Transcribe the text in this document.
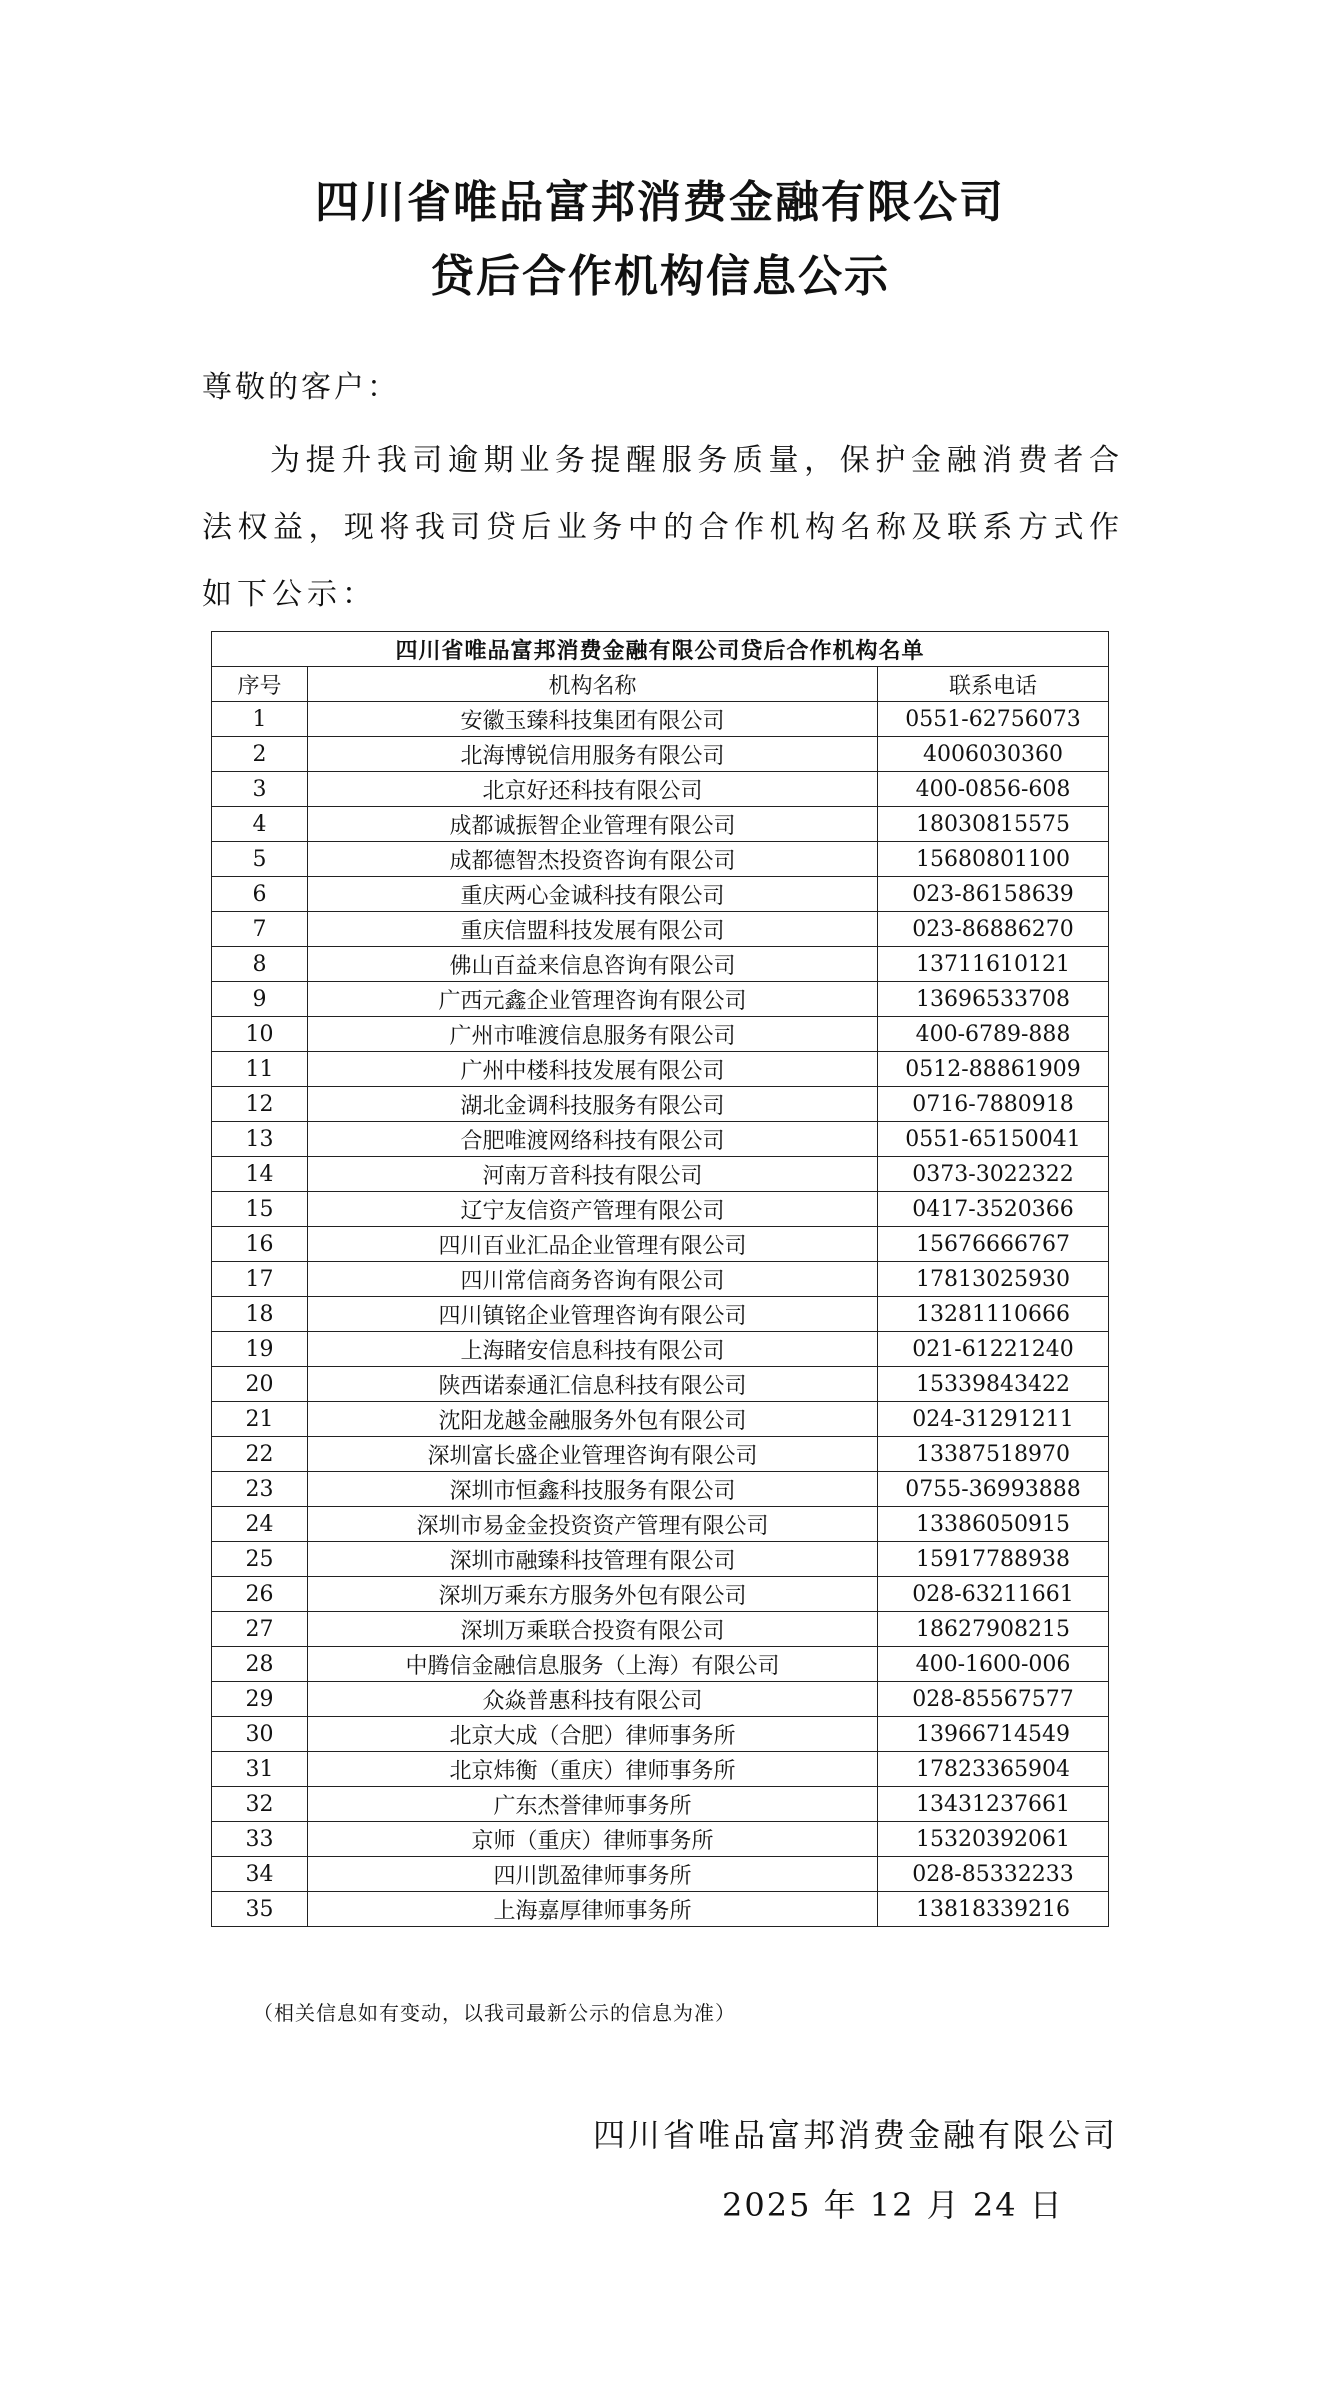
四川省唯品富邦消费金融有限公司
贷后合作机构信息公示
尊敬的客户：
为提升我司逾期业务提醒服务质量，保护金融消费者合法权益，现将我司贷后业务中的合作机构名称及联系方式作如下公示：
四川省唯品富邦消费金融有限公司贷后合作机构名单		
序号	机构名称	联系电话
1	安徽玉臻科技集团有限公司	0551-62756073
2	北海博锐信用服务有限公司	4006030360
3	北京好还科技有限公司	400-0856-608
4	成都诚振智企业管理有限公司	18030815575
5	成都德智杰投资咨询有限公司	15680801100
6	重庆两心金诚科技有限公司	023-86158639
7	重庆信盟科技发展有限公司	023-86886270
8	佛山百益来信息咨询有限公司	13711610121
9	广西元鑫企业管理咨询有限公司	13696533708
10	广州市唯渡信息服务有限公司	400-6789-888
11	广州中楼科技发展有限公司	0512-88861909
12	湖北金调科技服务有限公司	0716-7880918
13	合肥唯渡网络科技有限公司	0551-65150041
14	河南万音科技有限公司	0373-3022322
15	辽宁友信资产管理有限公司	0417-3520366
16	四川百业汇品企业管理有限公司	15676666767
17	四川常信商务咨询有限公司	17813025930
18	四川镇铭企业管理咨询有限公司	13281110666
19	上海睹安信息科技有限公司	021-61221240
20	陕西诺泰通汇信息科技有限公司	15339843422
21	沈阳龙越金融服务外包有限公司	024-31291211
22	深圳富长盛企业管理咨询有限公司	13387518970
23	深圳市恒鑫科技服务有限公司	0755-36993888
24	深圳市易金金投资资产管理有限公司	13386050915
25	深圳市融臻科技管理有限公司	15917788938
26	深圳万乘东方服务外包有限公司	028-63211661
27	深圳万乘联合投资有限公司	18627908215
28	中腾信金融信息服务（上海）有限公司	400-1600-006
29	众焱普惠科技有限公司	028-85567577
30	北京大成（合肥）律师事务所	13966714549
31	北京炜衡（重庆）律师事务所	17823365904
32	广东杰誉律师事务所	13431237661
33	京师（重庆）律师事务所	15320392061
34	四川凯盈律师事务所	028-85332233
35	上海嘉厚律师事务所	13818339216
（相关信息如有变动，以我司最新公示的信息为准）
四川省唯品富邦消费金融有限公司
2025 年 12 月 24 日
